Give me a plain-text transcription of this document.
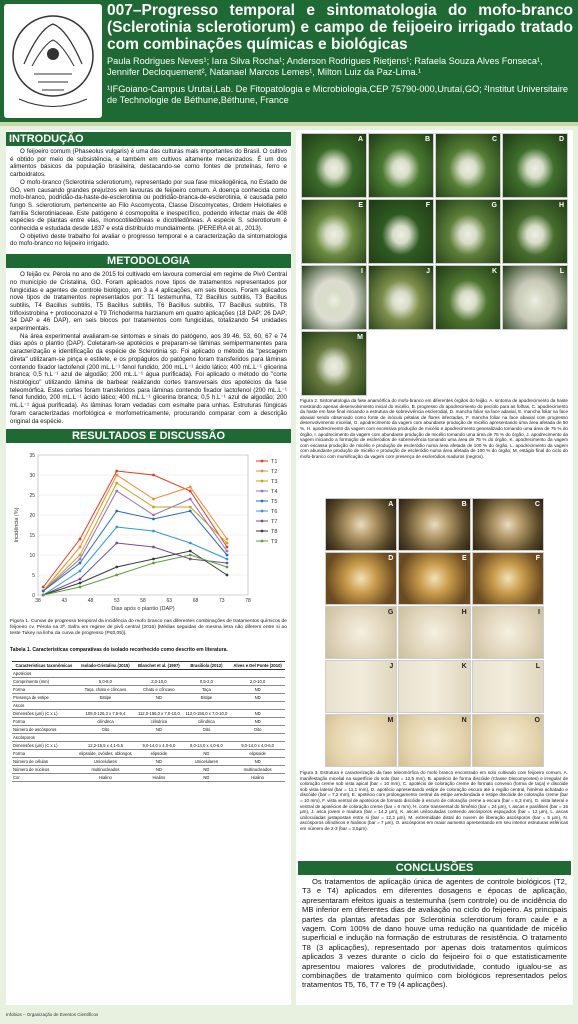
007–Progresso temporal e sintomatologia do mofo-branco (Sclerotinia sclerotiorum) e campo de feijoeiro irrigado tratado com combinações químicas e biológicas
Paula Rodrigues Neves¹; Iara Silva Rocha¹; Anderson Rodrigues Rietjens¹; Rafaela Souza Alves Fonseca¹, Jennifer Decloquement², Natanael Marcos Lemes¹, Milton Luiz da Paz-Lima.¹
¹IFGoiano-Campus Urutaí,Lab. De Fitopatologia e Microbiologia,CEP 75790-000,Urutaí,GO; ²Institut Universitaire de Technologie de Béthune,Béthune, France
INTRODUÇÃO

O feijoeiro comum (Phaseolus vulgaris) é uma das culturas mais importantes do Brasil. O cultivo é obtido por meio de subsistência, e também em cultivos altamente mecanizados. É um dos alimentos básicos da população brasileira, destacando-se como fontes de proteínas, ferro e carboidratos.

O mofo-branco (Sclerotinia sclerotiorum), representado por sua fase miceliogênica, no Estado de GO, vem causando grandes prejuízos em lavouras de feijoeiro comum. A doença conhecida como mofo-branco, podridão-da-haste-de-esclerotinia ou podridão-branca-de-esclerotinia, é causada pelo fungo S. sclerotiorum, pertencente ao Filo Ascomycota, Classe Discomycetes, Ordem Helotiales e família Sclerotiniaceae. Este patógeno é cosmopolita e inespecífico, podendo infectar mais de 408 espécies de plantas entre elas, monocotiledôneas e dicotiledôneas. A espécie S. sclerotiorum é conhecida e estudada desde 1837 e está distribuído mundialmente. (PEREIRA et al., 2013).

O objetivo deste trabalho foi avaliar o progresso temporal e a caracterização da sintomatologia do mofo-branco no feijoeiro irrigado.

METODOLOGIA

O feijão cv. Pérola no ano de 2015 foi cultivado em lavoura comercial em regime de Pivô Central no município de Cristalina, GO. Foram aplicados nove tipos de tratamentos representados por fungicidas e agentes de controle biológico, em 3 a 4 aplicações, em seis blocos. Foram aplicados nove tipos de tratamentos representados por: T1 testemunha, T2 Bacillus subtilis, T3 Bacillus subtilis, T4 Bacillus subtilis, T5 Bacillus subtilis, T6 Bacillus subtilis, T7 Bacillus subtilis, T8 trifloxistrobina + protioconazol e T9 Trichoderma harzianum em quatro aplicações (18 DAP; 26 DAP; 34 DAP e 46 DAP), em seis blocos por tratamentos com fungicidas, totalizando 54 unidades experimentais.

Na área experimental avaliaram-se sintomas e sinais do patógeno, aos 39 46, 53, 60, 67 e 74 dias após o plantio (DAP). Coletaram-se apotécios e preparam-se lâminas semipermanentes para caracterização e identificação da espécie de Sclerotinia sp. Foi aplicado o método da "pescagem direta" utilizaram-se pinça e estilete, e os propágulos do patógeno foram transferidos para lâminas contendo fixador lactofenol (200 mL.L⁻¹ fenol fundido, 200 mL.L⁻¹ ácido lático; 400 mL.L⁻¹ glicerina branca; 0,5 h.L⁻¹ azul de algodão; 200 mL.L⁻¹ água purificada). Foi aplicado o método do "corte histológico" utilizando lâmina de barbear realizando cortes transversais dos apotécios da fase teleomórfica. Estes cortes foram transferidos para lâminas contendo fixador lactofenol (200 mL.L⁻¹ fenol fundido, 200 mL.L⁻¹ ácido lático; 400 mL.L⁻¹ glicerina branca; 0,5 h.L⁻¹ azul de algodão; 200 mL.L⁻¹ água purificada). As lâminas foram vedadas com esmalte para unhas. Estruturas fúngicas foram caracterizadas morfológica e morfometricamente, procurando comparar com a descrição original da espécie.

RESULTADOS E DISCUSSÃO
0
5
10
15
20
25
30
35
38	43	48	53	58	63	68	73	78
Dias após o plantio (DAP)
Incidência (%)
T1
T2
T3
T4
T5
T6
T7
T8
T9
Figura 1. Curvas de progresso temporal da incidência do mofo branco nas diferentes combinações de tratamentos químicos de feijoeiro cv. Pérola na 3ª. Safra em regime de pivô central (2015) [Médias seguidas de mesma letra não diferem entre si ao teste Tukey na linha da curva de progresso (P≤0,05)].
Tabela 1. Características comparativas do isolado reconhecido como descrito em literatura.
Características taxonômicas	Isolado-Cristalina (2015)	Blanchet et al. (1997)	Brasiliola (2012)	Alves e Del Ponte (2010)
Apotécios				
Comprimento (mm)	5,0-8,0	2,0-10,0	0,5-2,0	2,0-10,0
Forma	Taça, chato e côncavo	Chato e côncavo	Taça	ND
Presença de estipe	Estipe	ND	Estipe	ND
Ascos				
Dimensões (µm) (C x L)	109,0-126,3 x 7,5-9,4	112,0-156,0 x 7,0-10,0	112,0-156,0 x 7,0-10,0	ND
Forma	cilíndrica	cilíndrica	cilíndrica	ND
Número de ascósporos	Oito	ND	Oito	Oito
Ascósporos				
Dimensões (µm) (C x L)	12,2-15,5 x 4,1-5,5	9,0-14,0 x 4,0-6,0	9,0-14,0 x 4,0-6,0	9,0-14,0 x 4,0-6,0
Forma	elipsoide, ovóides, oblongos	elipsoide	ND	elipsoide
Número de células	Unicelulares	ND	Unicelulares	ND
Número de núcleos	multinucleados	ND	ND	multinucleados
Cor	Hialino	Hialino	ND	Hialino
A	B	C	D
E	F	G	H
I	J	K	L
M
Figura 2. Sintomatologia da fase anamórfica do mofo-branco em diferentes órgãos do feijão. A. sintoma de apodrecimento da haste mostrando apenas desenvolvimento inicial do micélio, B. progresso do apodrecimento do pecíolo para as folhas, C. apodrecimento da haste em fase final iniciando a estrutura de sobrevivência esclerodial, D. mancha foliar na face adaxial, E. mancha foliar na face abaxial sendo observado como fonte de inóculo pétalas de flores infectadas, F. mancha foliar na face abaxial com progresso desenvolvimento micelial, G. apodrecimento da vagem com abundante produção de micélio apresentando uma área afetada de 50 %, H. apodrecimento da vagem com excessiva produção de micélio e apodrecimento generalizado tomando uma área de 75 % do órgão, I. apodrecimento da vagem com abundante produção de micélio tomando uma área de 75 % do órgão, J. apodrecimento da vagem iniciando a formação de escleródios de sobrevivência tomando uma área de 75 % do órgão, K. apodrecimento da vagem com escassa produção de micélio e produção de escleródio numa área afetada de 100 % do órgão, L. apodrecimento da vagem com abundante produção de micélio e produção de escleródio numa área afetada de 100 % do órgão; M. estágio final do ciclo do mofo-branco com mumificação da vagem com presença de escleródios maduros (negros).
A	B	C
D	E	F
G	H	I
J	K	L
M	N	O
Figura 3. Estrutura e caracterização da fase teleomórfica do mofo branco encontrado em solo cultivado com feijoeiro comum. A. manifestação micelial na superfície do solo (bar = 12,5 mm), B. apotécio de forma discóide (Classe Discomycetes) e irregular de coloração creme sob vista apical (bar = 10 mm), C. apotécio de coloração creme de formato convexo (forma de taça) e discóide sob vista lateral (bar = 11,1 mm), D. apotécio apresentando estipe de coloração escura até a região central, himênio achatado e discóide (bar = 7,2 mm), E. apotécio com prolongamento central da estipe arredondada e estipe discóide de coloração creme (bar = 10 mm), F. vista ventral de apotécios de formato discóide à escuro de coloração creme a escura (bar = 6,3 mm), G. vista lateral e ventral de apotécios de coloração creme (bar = 6 mm), H. corte transversal do himênio (bar = 24 µm), I. ascas e paráfises (bar = 15 µm), J. asca jovem e madura (bar = 14,2 µm), K. ascas uniloculadas contendo ascósporos espaçados (bar = 12 µm), L. ascas uniloculadas justapostas entre si (bar = 12,2 µm), M. extremidade distal do nuvem de liberação ascósporos (bar = 5 µm), N. ascósporos cilíndricos e hialinos (bar = 7 µm), O. ascósporos em maior aumento apresentando em seu interior estruturas esféricas em número de 2-3 (bar = 3,5µm).
CONCLUSÕES
Os tratamentos de aplicação única de agentes de controle biológicos (T2, T3 e T4) aplicados em diferentes dosagens e épocas de aplicação, apresentaram efeitos iguais a testemunha (sem controle) ou de incidência do MB inferior em diferentes dias de avaliação no ciclo do feijoeiro. As principais partes da plantas afetadas por Sclerotinia sclerotiorum foram caule e a vagem. Com 100% de dano houve uma redução na quantidade de micélio superficial e indução na formação de estruturas de resistência. O tratamento T8 (3 aplicações), representado por apenas dois tratamentos químicos aplicados 3 vezes durante o ciclo do feijoeiro foi o que estatisticamente apresentou maiores valores de produtividade, contudo igualou-se as combinações de tratamento químico com biológicos representados pelos tratamentos T5, T6, T7 e T9 (4 aplicações).
Infobios – Organização de Eventos Científicos
